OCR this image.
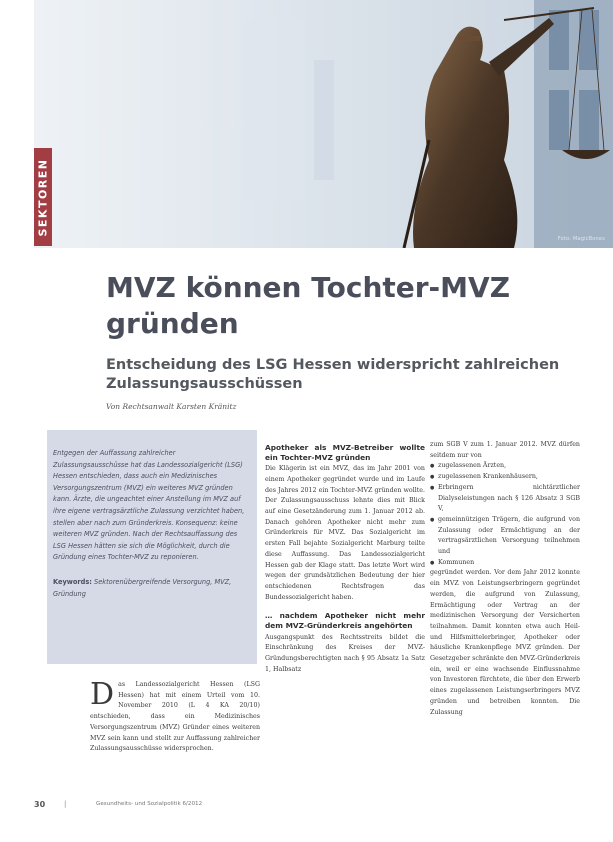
Foto: MagicBones
SEKTOREN
MVZ können Tochter-MVZ gründen
Entscheidung des LSG Hessen widerspricht zahlreichen Zulassungsausschüssen
Von Rechtsanwalt Karsten Kränitz

Entgegen der Auffassung zahlreicher Zulassungsausschüsse hat das Landessozialgericht (LSG) Hessen entschieden, dass auch ein Medizinisches Versorgungszentrum (MVZ) ein weiteres MVZ gründen kann. Ärzte, die ungeachtet einer Anstellung im MVZ auf ihre eigene vertragsärztliche Zulassung verzichtet haben, stellen aber nach zum Gründerkreis. Konsequenz: keine weiteren MVZ gründen. Nach der Rechtsauffassung des LSG Hessen hätten sie sich die Möglichkeit, durch die Gründung eines Tochter-MVZ zu reponieren.

Keywords: Sektorenübergreifende Versorgung, MVZ, Gründung
D as Landessozialgericht Hessen (LSG Hessen) hat mit einem Urteil vom 10. November 2010 (L 4 KA 20/10) entschieden, dass ein Medizinisches Versorgungszentrum (MVZ) Gründer eines weiteren MVZ sein kann und stellt zur Auffassung zahlreicher Zulassungsausschüsse widersprochen.

Apotheker als MVZ-Betreiber wollte ein Tochter-MVZ gründen

Die Klägerin ist ein MVZ, das im Jahr 2001 von einem Apotheker gegründet wurde und im Laufe des Jahres 2012 ein Tochter-MVZ gründen wollte. Der Zulassungsausschuss lehnte dies mit Blick auf eine Gesetzänderung zum 1. Januar 2012 ab. Danach gehören Apotheker nicht mehr zum Gründerkreis für MVZ. Das Sozialgericht im ersten Fall bejahte Sozialgericht Marburg teilte diese Auffassung. Das Landessozialgericht Hessen gab der Klage statt. Das letzte Wort wird wegen der grundsätzlichen Bedeutung der hier entschiedenen Rechtsfragen das Bundessozialgericht haben.

… nachdem Apotheker nicht mehr dem MVZ-Gründerkreis angehörten

Ausgangspunkt des Rechtsstreits bildet die Einschränkung des Kreises der MVZ-Gründungsberechtigten nach § 95 Absatz 1a Satz 1, Halbsatz

zum SGB V zum 1. Januar 2012. MVZ dürfen seitdem nur von

● zugelassenen Ärzten,
● zugelassenen Krankenhäusern,
● Erbringern nichtärztlicher Dialyseleistungen nach § 126 Absatz 3 SGB V,
● gemeinnützigen Trägern, die aufgrund von Zulassung oder Ermächtigung an der vertragsärztlichen Versorgung teilnehmen und
● Kommunen

gegründet werden. Vor dem Jahr 2012 konnte ein MVZ von Leistungserbringern gegründet werden, die aufgrund von Zulassung, Ermächtigung oder Vertrag an der medizinischen Versorgung der Versicherten teilnahmen. Damit konnten etwa auch Heil- und Hilfsmittelerbringer, Apotheker oder häusliche Krankenpflege MVZ gründen. Der Gesetzgeber schränkte den MVZ-Gründerkreis ein, weil er eine wachsende Einflussnahme von Investoren fürchtete, die über den Erwerb eines zugelassenen Leistungserbringers MVZ gründen und betreiben konnten. Die Zulassung

30	|	Gesundheits- und Sozialpolitik 6/2012
